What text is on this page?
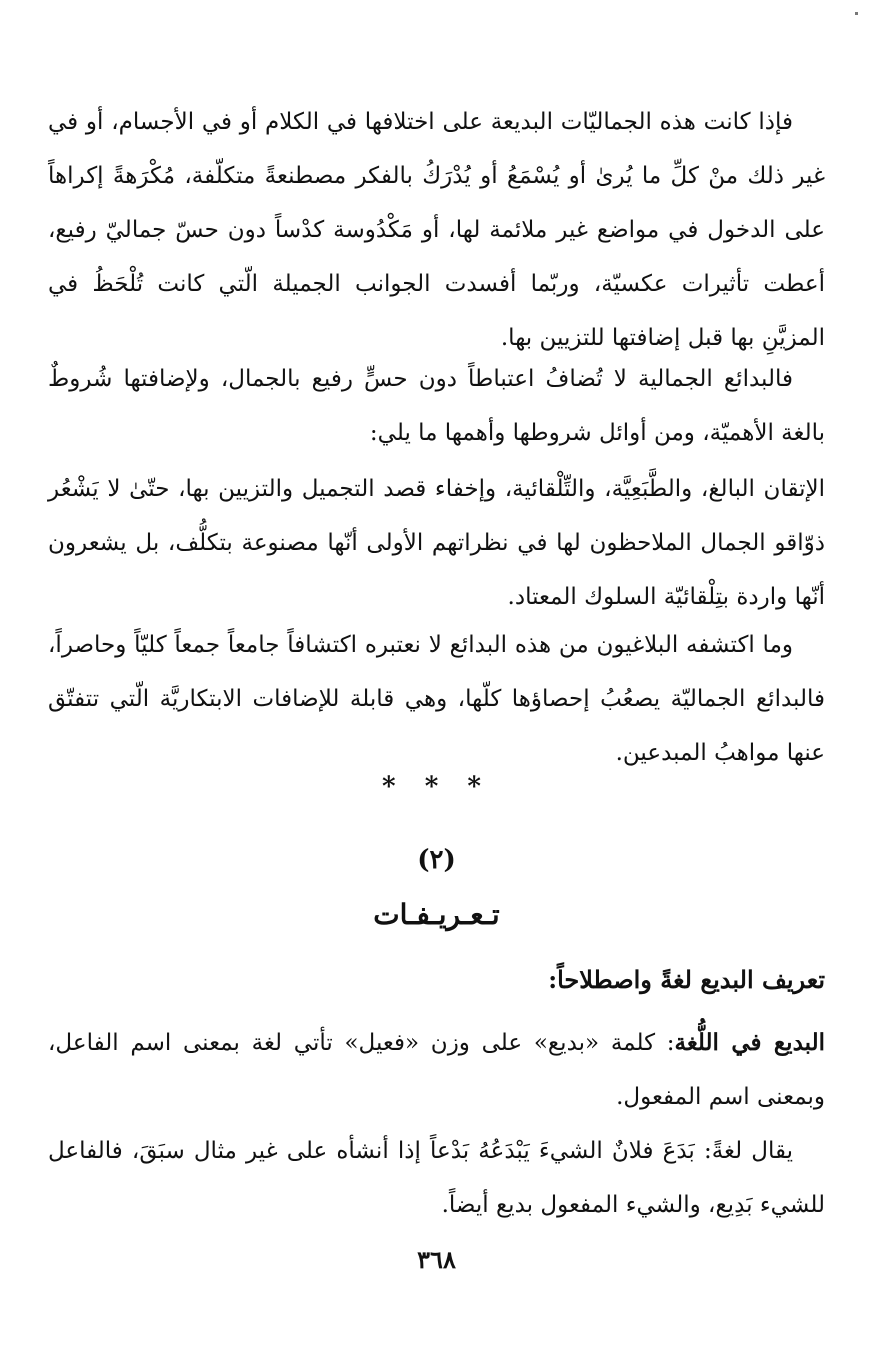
فإذا كانت هذه الجماليّات البديعة على اختلافها في الكلام أو في الأجسام، أو في غير ذلك منْ كلِّ ما يُرىٰ أو يُسْمَعُ أو يُدْرَكُ بالفكر مصطنعةً متكلّفة، مُكْرَهةً إكراهاً على الدخول في مواضع غير ملائمة لها، أو مَكْدُوسة كدْساً دون حسّ جماليّ رفيع، أعطت تأثيرات عكسيّة، وربّما أفسدت الجوانب الجميلة الّتي كانت تُلْحَظُ في المزيَّنِ بها قبل إضافتها للتزيين بها.

فالبدائع الجمالية لا تُضافُ اعتباطاً دون حسٍّ رفيع بالجمال، ولإضافتها شُروطٌ بالغة الأهميّة، ومن أوائل شروطها وأهمها ما يلي:

الإتقان البالغ، والطَّبَعِيَّة، والتِّلْقائية، وإخفاء قصد التجميل والتزيين بها، حتّىٰ لا يَشْعُر ذوّاقو الجمال الملاحظون لها في نظراتهم الأولى أنّها مصنوعة بتكلُّف، بل يشعرون أنّها واردة بتِلْقائيّة السلوك المعتاد.

وما اكتشفه البلاغيون من هذه البدائع لا نعتبره اكتشافاً جامعاً جمعاً كليّاً وحاصراً، فالبدائع الجماليّة يصعُبُ إحصاؤها كلّها، وهي قابلة للإضافات الابتكاريَّة الّتي تتفتّق عنها مواهبُ المبدعين.

* * *
(٢)
تـعـريـفـات

تعريف البديع لغةً واصطلاحاً:

البديع في اللُّغة: كلمة «بديع» على وزن «فعيل» تأتي لغة بمعنى اسم الفاعل، وبمعنى اسم المفعول.

يقال لغةً: بَدَعَ فلانٌ الشيءَ يَبْدَعُهُ بَدْعاً إذا أنشأه على غير مثال سبَقَ، فالفاعل للشيء بَدِيع، والشيء المفعول بديع أيضاً.

٣٦٨
